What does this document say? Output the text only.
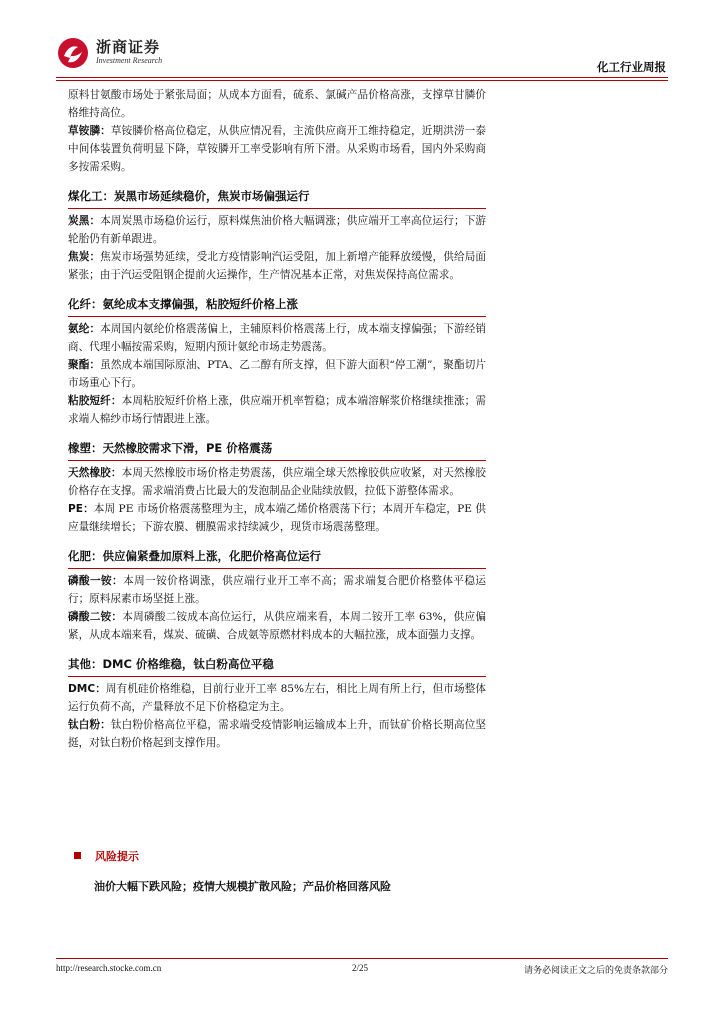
浙商证券
Investment Research	化工行业周报

原料甘氨酸市场处于紧张局面；从成本方面看，硫系、氯碱产品价格高涨，支撑草甘膦价格维持高位。

草铵膦：草铵膦价格高位稳定，从供应情况看，主流供应商开工维持稳定，近期洪涝一泰中间体装置负荷明显下降，草铵膦开工率受影响有所下滑。从采购市场看，国内外采购商多按需采购。

煤化工：炭黑市场延续稳价，焦炭市场偏强运行

炭黑：本周炭黑市场稳价运行，原料煤焦油价格大幅调涨；供应端开工率高位运行；下游轮胎仍有新单跟进。

焦炭：焦炭市场强势延续，受北方疫情影响汽运受阻，加上新增产能释放缓慢，供给局面紧张；由于汽运受阻钢企提前火运操作，生产情况基本正常，对焦炭保持高位需求。

化纤：氨纶成本支撑偏强，粘胶短纤价格上涨

氨纶：本周国内氨纶价格震荡偏上，主辅原料价格震荡上行，成本端支撑偏强；下游经销商、代理小幅按需采购，短期内预计氨纶市场走势震荡。

聚酯：虽然成本端国际原油、PTA、乙二醇有所支撑，但下游大面积“停工潮”，聚酯切片市场重心下行。

粘胶短纤：本周粘胶短纤价格上涨，供应端开机率暂稳；成本端溶解浆价格继续推涨；需求端人棉纱市场行情跟进上涨。

橡塑：天然橡胶需求下滑，PE 价格震荡

天然橡胶：本周天然橡胶市场价格走势震荡，供应端全球天然橡胶供应收紧，对天然橡胶价格存在支撑。需求端消费占比最大的发泡制品企业陆续放假，拉低下游整体需求。

PE：本周 PE 市场价格震荡整理为主，成本端乙烯价格震荡下行；本周开车稳定，PE 供应量继续增长；下游农膜、棚膜需求持续减少，现货市场震荡整理。

化肥：供应偏紧叠加原料上涨，化肥价格高位运行

磷酸一铵：本周一铵价格调涨，供应端行业开工率不高；需求端复合肥价格整体平稳运行；原料尿素市场坚挺上涨。

磷酸二铵：本周磷酸二铵成本高位运行，从供应端来看，本周二铵开工率 63%，供应偏紧，从成本端来看，煤炭、硫磺、合成氨等原燃材料成本的大幅拉涨，成本面强力支撑。

其他：DMC 价格维稳，钛白粉高位平稳

DMC：周有机硅价格维稳，目前行业开工率 85%左右，相比上周有所上行，但市场整体运行负荷不高，产量释放不足下价格稳定为主。

钛白粉：钛白粉价格高位平稳，需求端受疫情影响运输成本上升，而钛矿价格长期高位坚挺，对钛白粉价格起到支撑作用。

风险提示
油价大幅下跌风险；疫情大规模扩散风险；产品价格回落风险
http://research.stocke.com.cn	2/25	请务必阅读正文之后的免责条款部分
